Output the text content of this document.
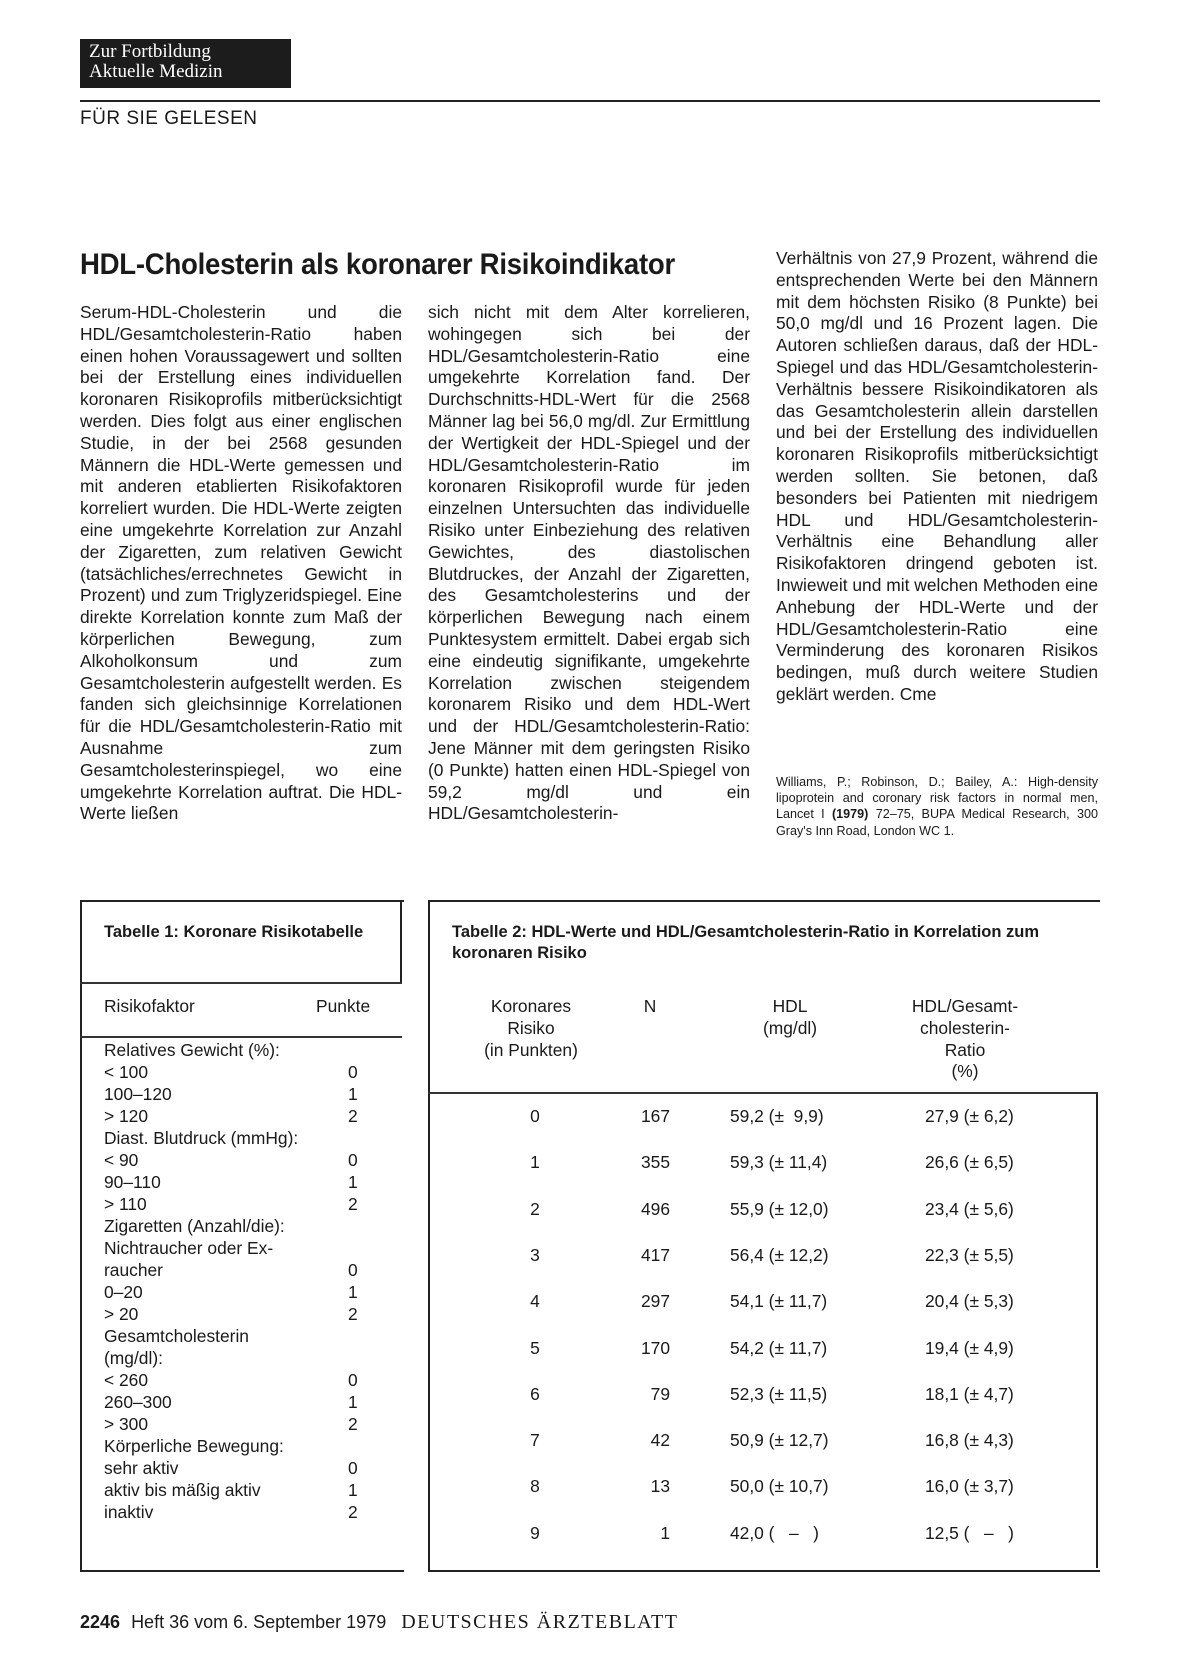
Zur Fortbildung
Aktuelle Medizin
FÜR SIE GELESEN
HDL-Cholesterin als koronarer Risikoindikator
Serum-HDL-Cholesterin und die HDL/Gesamtcholesterin-Ratio haben einen hohen Voraussagewert und sollten bei der Erstellung eines individuellen koronaren Risikoprofils mitberücksichtigt werden. Dies folgt aus einer englischen Studie, in der bei 2568 gesunden Männern die HDL-Werte gemessen und mit anderen etablierten Risikofaktoren korreliert wurden. Die HDL-Werte zeigten eine umgekehrte Korrelation zur Anzahl der Zigaretten, zum relativen Gewicht (tatsächliches/errechnetes Gewicht in Prozent) und zum Triglyzeridspiegel. Eine direkte Korrelation konnte zum Maß der körperlichen Bewegung, zum Alkoholkonsum und zum Gesamtcholesterin aufgestellt werden. Es fanden sich gleichsinnige Korrelationen für die HDL/Gesamtcholesterin-Ratio mit Ausnahme zum Gesamtcholesterinspiegel, wo eine umgekehrte Korrelation auftrat. Die HDL-Werte ließen
sich nicht mit dem Alter korrelieren, wohingegen sich bei der HDL/Gesamtcholesterin-Ratio eine umgekehrte Korrelation fand. Der Durchschnitts-HDL-Wert für die 2568 Männer lag bei 56,0 mg/dl. Zur Ermittlung der Wertigkeit der HDL-Spiegel und der HDL/Gesamtcholesterin-Ratio im koronaren Risikoprofil wurde für jeden einzelnen Untersuchten das individuelle Risiko unter Einbeziehung des relativen Gewichtes, des diastolischen Blutdruckes, der Anzahl der Zigaretten, des Gesamtcholesterins und der körperlichen Bewegung nach einem Punktesystem ermittelt. Dabei ergab sich eine eindeutig signifikante, umgekehrte Korrelation zwischen steigendem koronarem Risiko und dem HDL-Wert und der HDL/Gesamtcholesterin-Ratio: Jene Männer mit dem geringsten Risiko (0 Punkte) hatten einen HDL-Spiegel von 59,2 mg/dl und ein HDL/Gesamtcholesterin-
Verhältnis von 27,9 Prozent, während die entsprechenden Werte bei den Männern mit dem höchsten Risiko (8 Punkte) bei 50,0 mg/dl und 16 Prozent lagen. Die Autoren schließen daraus, daß der HDL-Spiegel und das HDL/Gesamtcholesterin-Verhältnis bessere Risikoindikatoren als das Gesamtcholesterin allein darstellen und bei der Erstellung des individuellen koronaren Risikoprofils mitberücksichtigt werden sollten. Sie betonen, daß besonders bei Patienten mit niedrigem HDL und HDL/Gesamtcholesterin-Verhältnis eine Behandlung aller Risikofaktoren dringend geboten ist. Inwieweit und mit welchen Methoden eine Anhebung der HDL-Werte und der HDL/Gesamtcholesterin-Ratio eine Verminderung des koronaren Risikos bedingen, muß durch weitere Studien geklärt werden. Cme
Williams, P.; Robinson, D.; Bailey, A.: High-density lipoprotein and coronary risk factors in normal men, Lancet I (1979) 72–75, BUPA Medical Research, 300 Gray's Inn Road, London WC 1.
Tabelle 1: Koronare Risikotabelle
Risikofaktor	Punkte
Relatives Gewicht (%):
< 100	0
100–120	1
> 120	2
Diast. Blutdruck (mmHg):
< 90	0
90–110	1
> 110	2
Zigaretten (Anzahl/die):
Nichtraucher oder Ex-
raucher	0
0–20	1
> 20	2
Gesamtcholesterin
(mg/dl):
< 260	0
260–300	1
> 300	2
Körperliche Bewegung:
sehr aktiv	0
aktiv bis mäßig aktiv	1
inaktiv	2
Tabelle 2: HDL-Werte und HDL/Gesamtcholesterin-Ratio in Korrelation zum koronaren Risiko
Koronares
Risiko
(in Punkten)
N	HDL
(mg/dl)
HDL/Gesamt-
cholesterin-
Ratio
(%)
0	167	59,2 (±  9,9)	27,9 (± 6,2)
1	355	59,3 (± 11,4)	26,6 (± 6,5)
2	496	55,9 (± 12,0)	23,4 (± 5,6)
3	417	56,4 (± 12,2)	22,3 (± 5,5)
4	297	54,1 (± 11,7)	20,4 (± 5,3)
5	170	54,2 (± 11,7)	19,4 (± 4,9)
6	79	52,3 (± 11,5)	18,1 (± 4,7)
7	42	50,9 (± 12,7)	16,8 (± 4,3)
8	13	50,0 (± 10,7)	16,0 (± 3,7)
9	1	42,0 (   –   )	12,5 (   –   )
2246 Heft 36 vom 6. September 1979 DEUTSCHES ÄRZTEBLATT
